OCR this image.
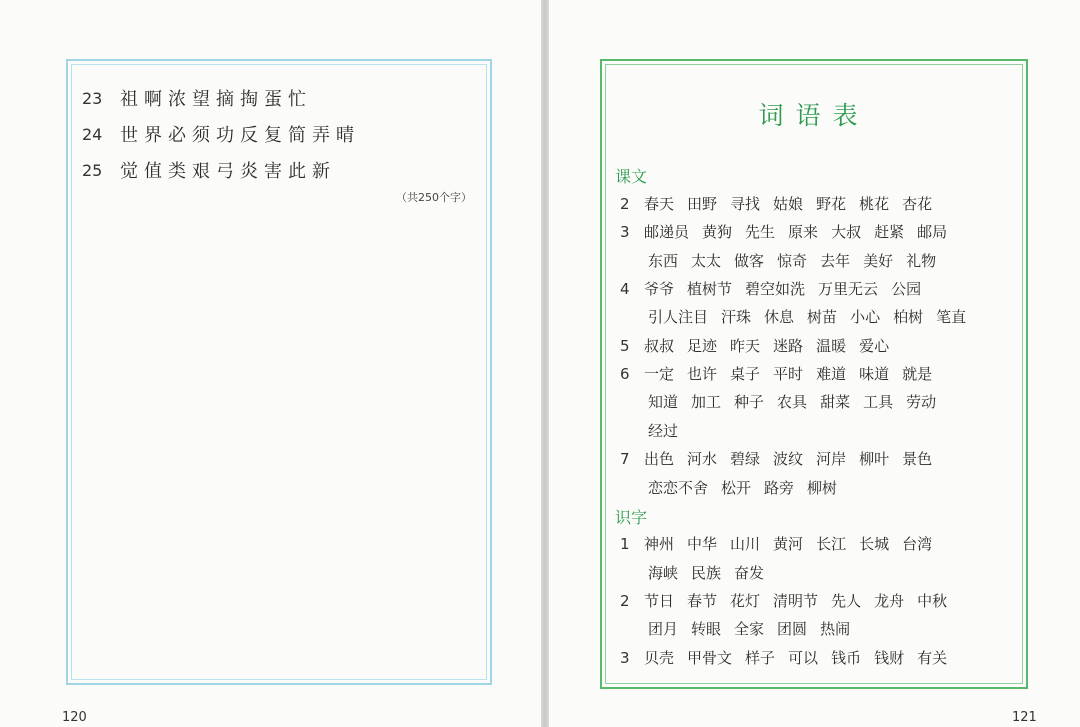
23 祖啊浓望摘掏蛋忙
24 世界必须功反复简弄晴
25 觉值类艰弓炎害此新
（共250个字）
120
词语表
课文
识字
2 春天 田野 寻找 姑娘 野花 桃花 杏花
3 邮递员 黄狗 先生 原来 大叔 赶紧 邮局
东西 太太 做客 惊奇 去年 美好 礼物
4 爷爷 植树节 碧空如洗 万里无云 公园
引人注目 汗珠 休息 树苗 小心 柏树 笔直
5 叔叔 足迹 昨天 迷路 温暖 爱心
6 一定 也许 桌子 平时 难道 味道 就是
知道 加工 种子 农具 甜菜 工具 劳动
经过
7 出色 河水 碧绿 波纹 河岸 柳叶 景色
恋恋不舍 松开 路旁 柳树
1 神州 中华 山川 黄河 长江 长城 台湾
海峡 民族 奋发
2 节日 春节 花灯 清明节 先人 龙舟 中秋
团月 转眼 全家 团圆 热闹
3 贝壳 甲骨文 样子 可以 钱币 钱财 有关
121
